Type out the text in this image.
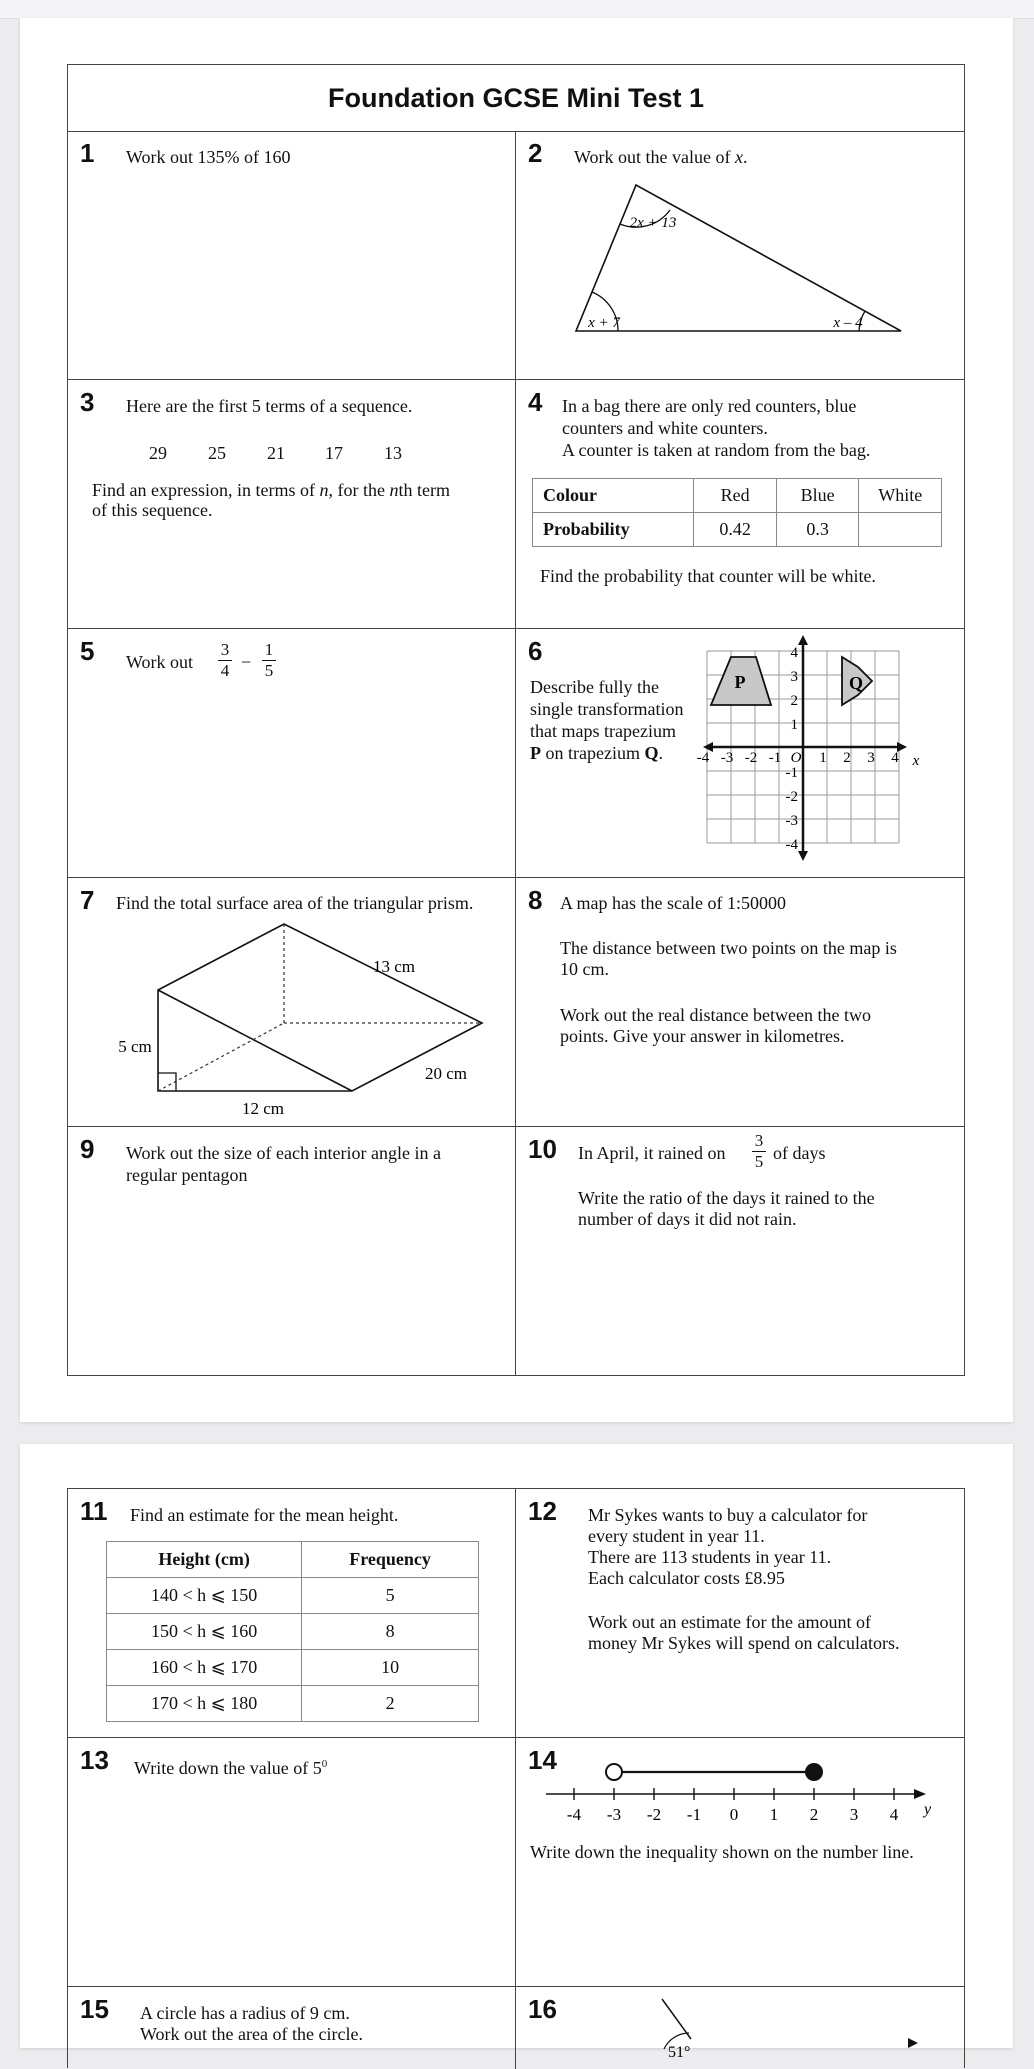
Foundation GCSE Mini Test 1
1 Work out 135% of 160	2 Work out the value of x.
2x + 13
x + 7	x – 4
3 Here are the first 5 terms of a sequence.
29 25 21 17 13
Find an expression, in terms of n, for the nth term
of this sequence.
4 In a bag there are only red counters, blue
counters and white counters.
A counter is taken at random from the bag.
Colour	Red	Blue	White
Probability	0.42	0.3	
Find the probability that counter will be white.
5 Work out
3
4 −
1
5
6
Describe fully the
single transformation
that maps trapezium
P on trapezium Q. -4 -3 -2 -1	1 2 3 4
4
3
2
1
-1
-2
-3
-4
P	Q
O	x
7 Find the total surface area of the triangular prism.
13 cm
5 cm
20 cm
12 cm
8 A map has the scale of 1:50000
The distance between two points on the map is
10 cm.
Work out the real distance between the two
points. Give your answer in kilometres.
9 Work out the size of each interior angle in a
regular pentagon
10 In April, it rained on
3
5 of days
Write the ratio of the days it rained to the
number of days it did not rain.
11 Find an estimate for the mean height.
Height (cm)	Frequency
140 < h ⩽ 150	5
150 < h ⩽ 160	8
160 < h ⩽ 170	10
170 < h ⩽ 180	2
12 Mr Sykes wants to buy a calculator for
every student in year 11.
There are 113 students in year 11.
Each calculator costs £8.95
Work out an estimate for the amount of
money Mr Sykes will spend on calculators.
13 Write down the value of $5^0$	14
-4 -3 -2 -1 0 1 2 3 4 y
Write down the inequality shown on the number line.
15 A circle has a radius of 9 cm.
Work out the area of the circle.
16
51°
